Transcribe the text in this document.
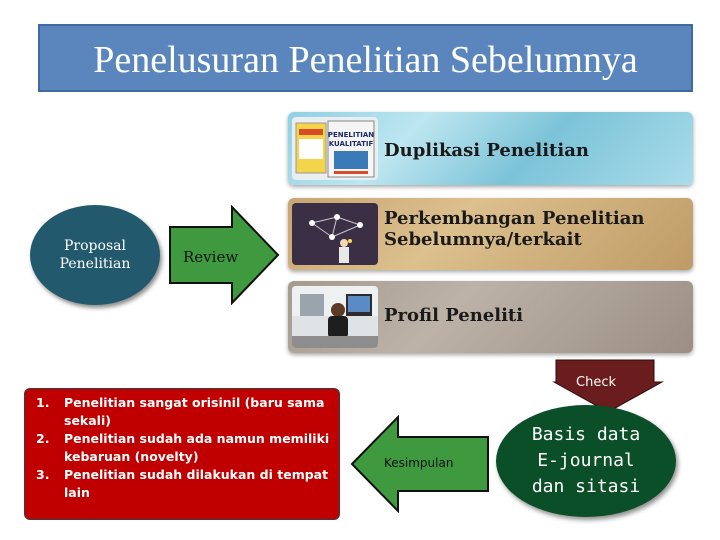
Penelusuran Penelitian Sebelumnya
Proposal Penelitian	Review
PENELITIAN
KUALITATIF Duplikasi Penelitian
Perkembangan Penelitian Sebelumnya/terkait
Profil Peneliti
Check
Basis data E-journal dan sitasi
Kesimpulan
1. Penelitian sangat orisinil (baru sama sekali)
2. Penelitian sudah ada namun memiliki kebaruan (novelty)
3. Penelitian sudah dilakukan di tempat lain
